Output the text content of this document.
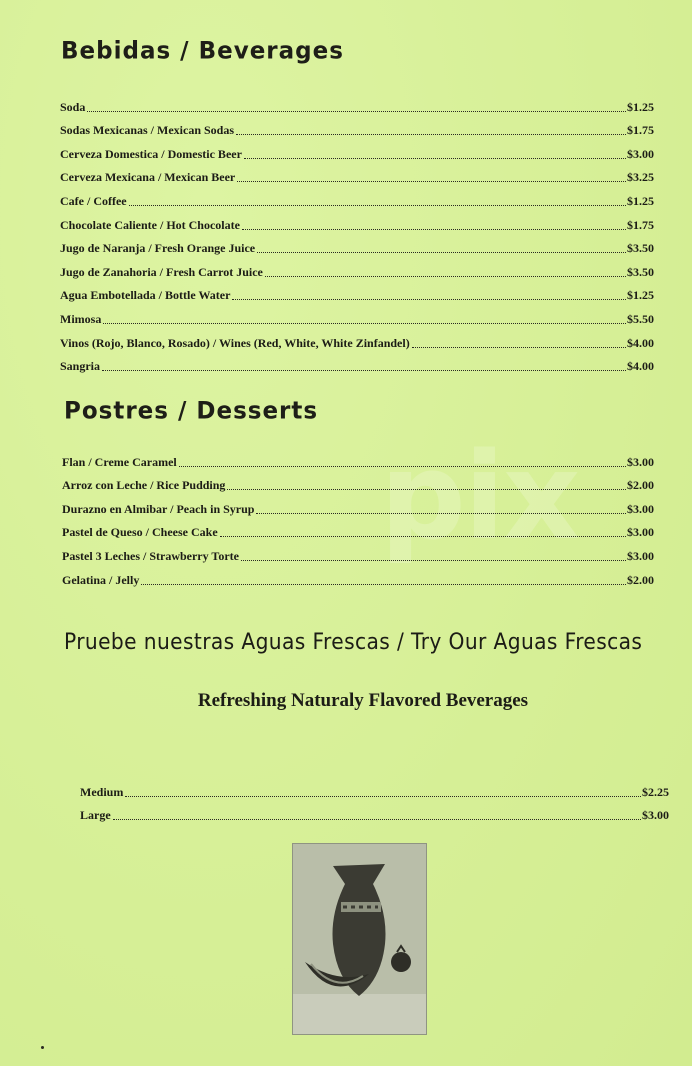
pix
Bebidas / Beverages
Soda	$1.25
Sodas Mexicanas / Mexican Sodas	$1.75
Cerveza Domestica / Domestic Beer	$3.00
Cerveza Mexicana / Mexican Beer	$3.25
Cafe / Coffee	$1.25
Chocolate Caliente / Hot Chocolate	$1.75
Jugo de Naranja / Fresh Orange Juice	$3.50
Jugo de Zanahoria / Fresh Carrot Juice	$3.50
Agua Embotellada / Bottle Water	$1.25
Mimosa	$5.50
Vinos (Rojo, Blanco, Rosado) / Wines (Red, White, White Zinfandel)	$4.00
Sangria	$4.00
Postres / Desserts
Flan / Creme Caramel	$3.00
Arroz con Leche / Rice Pudding	$2.00
Durazno en Almibar / Peach in Syrup	$3.00
Pastel de Queso / Cheese Cake	$3.00
Pastel 3 Leches / Strawberry Torte	$3.00
Gelatina / Jelly	$2.00

Pruebe nuestras Aguas Frescas / Try Our Aguas Frescas

Refreshing Naturaly Flavored Beverages

Medium	$2.25
Large	$3.00
